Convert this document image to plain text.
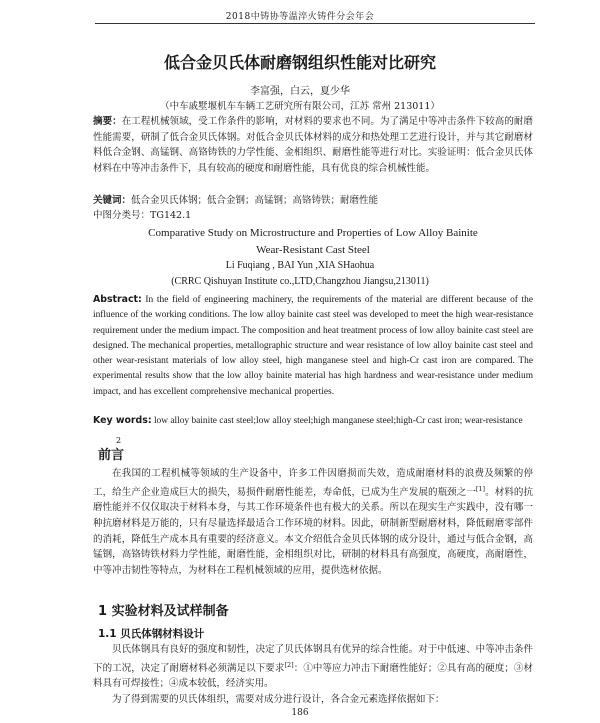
2018中铸协等温淬火铸件分会年会
低合金贝氏体耐磨钢组织性能对比研究
李富强，白云，夏少华
（中车戚墅堰机车车辆工艺研究所有限公司，江苏 常州 213011）
摘要：在工程机械领域，受工作条件的影响，对材料的要求也不同。为了满足中等冲击条件下较高的耐磨性能需要，研制了低合金贝氏体钢。对低合金贝氏体材料的成分和热处理工艺进行设计，并与其它耐磨材料低合金钢、高锰钢、高铬铸铁的力学性能、金相组织、耐磨性能等进行对比。实验证明：低合金贝氏体材料在中等冲击条件下，具有较高的硬度和耐磨性能，具有优良的综合机械性能。
关键词：低合金贝氏体钢；低合金钢；高锰钢；高铬铸铁；耐磨性能
中图分类号：TG142.1
Comparative Study on Microstructure and Properties of Low Alloy Bainite
Wear-Resistant Cast Steel
Li Fuqiang , BAI Yun ,XIA SHaohua
(CRRC Qishuyan Institute co.,LTD,Changzhou Jiangsu,213011)
Abstract: In the field of engineering machinery, the requirements of the material are different because of the influence of the working conditions. The low alloy bainite cast steel was developed to meet the high wear-resistance requirement under the medium impact. The composition and heat treatment process of low alloy bainite cast steel are designed. The mechanical properties, metallographic structure and wear resistance of low alloy bainite cast steel and other wear-resistant materials of low alloy steel, high manganese steel and high-Cr cast iron are compared. The experimental results show that the low alloy bainite material has high hardness and wear-resistance under medium impact, and has excellent comprehensive mechanical properties.
Key words: low alloy bainite cast steel;low alloy steel;high manganese steel;high-Cr cast iron; wear-resistance
2
前言
在我国的工程机械等领域的生产设备中，许多工件因磨损而失效，造成耐磨材料的浪费及频繁的停工，给生产企业造成巨大的损失，易损件耐磨性能差，寿命低，已成为生产发展的瓶颈之一[1]。材料的抗磨性能并不仅仅取决于材料本身，与其工作环境条件也有极大的关系。所以在现实生产实践中，没有哪一种抗磨材料是万能的，只有尽量选择最适合工作环境的材料。因此，研制新型耐磨材料，降低耐磨零部件的消耗，降低生产成本具有重要的经济意义。本文介绍低合金贝氏体钢的成分设计，通过与低合金钢，高锰钢，高铬铸铁材料力学性能，耐磨性能，金相组织对比，研制的材料具有高强度，高硬度，高耐磨性，中等冲击韧性等特点，为材料在工程机械领域的应用，提供选材依据。
1 实验材料及试样制备
1.1 贝氏体钢材料设计
贝氏体钢具有良好的强度和韧性，决定了贝氏体钢具有优异的综合性能。对于中低速、中等冲击条件下的工况，决定了耐磨材料必须满足以下要求[2]：①中等应力冲击下耐磨性能好；②具有高的硬度；③材料具有可焊接性；④成本较低，经济实用。
为了得到需要的贝氏体组织，需要对成分进行设计，各合金元素选择依据如下：
186
